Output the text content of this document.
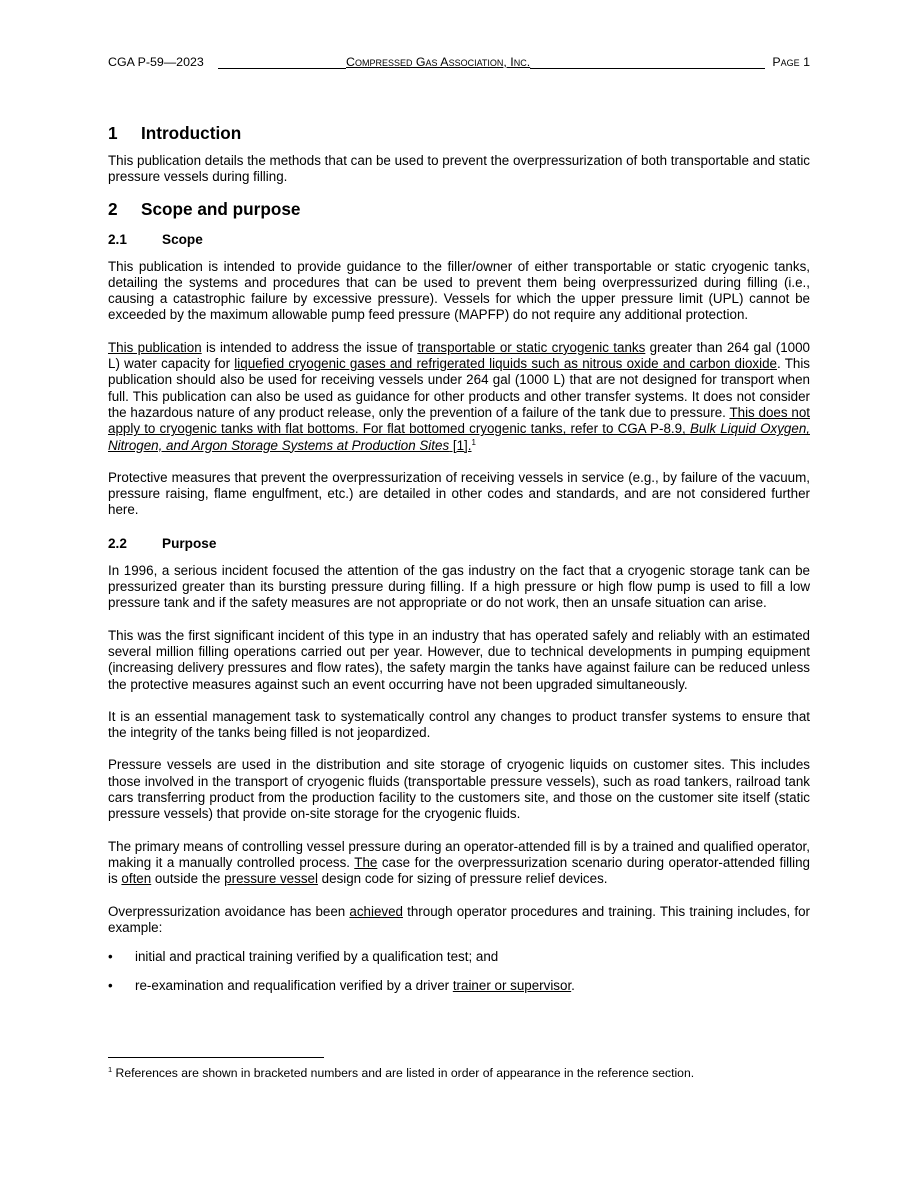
CGA P-59—2023	Compressed Gas Association, Inc.	Page 1
1 Introduction

This publication details the methods that can be used to prevent the overpressurization of both transportable and static pressure vessels during filling.

2 Scope and purpose
2.1	Scope

This publication is intended to provide guidance to the filler/owner of either transportable or static cryogenic tanks, detailing the systems and procedures that can be used to prevent them being overpressurized during filling (i.e., causing a catastrophic failure by excessive pressure). Vessels for which the upper pressure limit (UPL) cannot be exceeded by the maximum allowable pump feed pressure (MAPFP) do not require any additional protection.

This publication is intended to address the issue of transportable or static cryogenic tanks greater than 264 gal (1000 L) water capacity for liquefied cryogenic gases and refrigerated liquids such as nitrous oxide and carbon dioxide. This publication should also be used for receiving vessels under 264 gal (1000 L) that are not designed for transport when full. This publication can also be used as guidance for other products and other transfer systems. It does not consider the hazardous nature of any product release, only the prevention of a failure of the tank due to pressure. This does not apply to cryogenic tanks with flat bottoms. For flat bottomed cryogenic tanks, refer to CGA P-8.9, Bulk Liquid Oxygen, Nitrogen, and Argon Storage Systems at Production Sites [1].$^1$

Protective measures that prevent the overpressurization of receiving vessels in service (e.g., by failure of the vacuum, pressure raising, flame engulfment, etc.) are detailed in other codes and standards, and are not considered further here.

2.2	Purpose

In 1996, a serious incident focused the attention of the gas industry on the fact that a cryogenic storage tank can be pressurized greater than its bursting pressure during filling. If a high pressure or high flow pump is used to fill a low pressure tank and if the safety measures are not appropriate or do not work, then an unsafe situation can arise.

This was the first significant incident of this type in an industry that has operated safely and reliably with an estimated several million filling operations carried out per year. However, due to technical developments in pumping equipment (increasing delivery pressures and flow rates), the safety margin the tanks have against failure can be reduced unless the protective measures against such an event occurring have not been upgraded simultaneously.

It is an essential management task to systematically control any changes to product transfer systems to ensure that the integrity of the tanks being filled is not jeopardized.

Pressure vessels are used in the distribution and site storage of cryogenic liquids on customer sites. This includes those involved in the transport of cryogenic fluids (transportable pressure vessels), such as road tankers, railroad tank cars transferring product from the production facility to the customers site, and those on the customer site itself (static pressure vessels) that provide on-site storage for the cryogenic fluids.

The primary means of controlling vessel pressure during an operator-attended fill is by a trained and qualified operator, making it a manually controlled process. The case for the overpressurization scenario during operator-attended filling is often outside the pressure vessel design code for sizing of pressure relief devices.

Overpressurization avoidance has been achieved through operator procedures and training. This training includes, for example:

• initial and practical training verified by a qualification test; and
• re-examination and requalification verified by a driver trainer or supervisor.
$^1$ References are shown in bracketed numbers and are listed in order of appearance in the reference section.
